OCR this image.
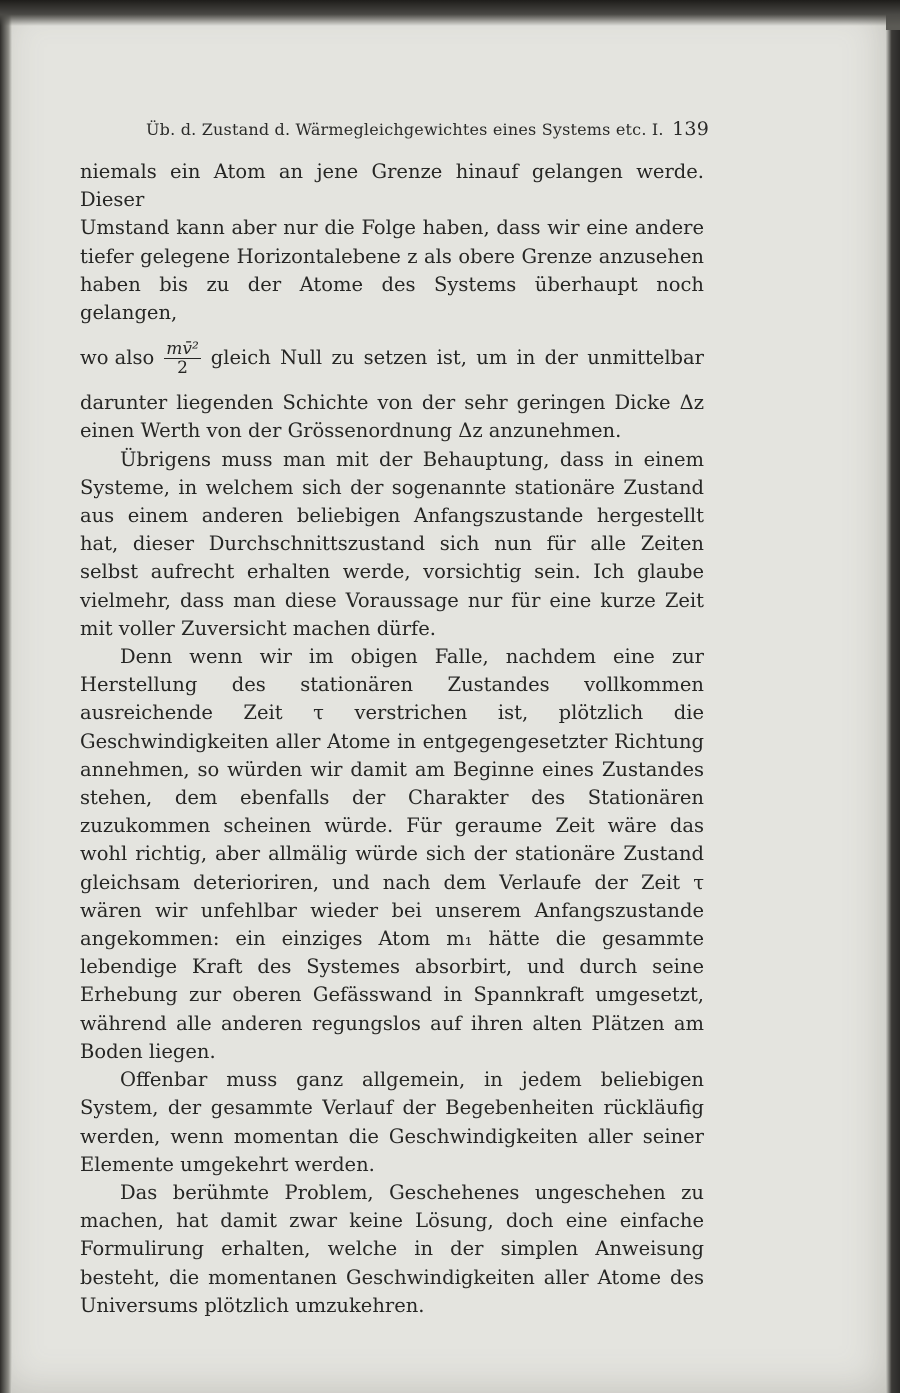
Üb. d. Zustand d. Wärmegleichgewichtes eines Systems etc. I. 139

niemals ein Atom an jene Grenze hinauf gelangen werde. Dieser
Umstand kann aber nur die Folge haben, dass wir eine andere
tiefer gelegene Horizontalebene z als obere Grenze anzusehen
haben bis zu der Atome des Systems überhaupt noch gelangen,

wo also $\frac{\text{mv̄²}}{2}$ gleich Null zu setzen ist, um in der unmittelbar

darunter liegenden Schichte von der sehr geringen Dicke Δz einen Werth von der Grössenordnung Δz anzunehmen.

Übrigens muss man mit der Behauptung, dass in einem Systeme, in welchem sich der sogenannte stationäre Zustand aus einem anderen beliebigen Anfangszustande hergestellt hat, dieser Durchschnittszustand sich nun für alle Zeiten selbst aufrecht erhalten werde, vorsichtig sein. Ich glaube vielmehr, dass man diese Voraussage nur für eine kurze Zeit mit voller Zuversicht machen dürfe.

Denn wenn wir im obigen Falle, nachdem eine zur Herstellung des stationären Zustandes vollkommen ausreichende Zeit τ verstrichen ist, plötzlich die Geschwindigkeiten aller Atome in entgegengesetzter Richtung annehmen, so würden wir damit am Beginne eines Zustandes stehen, dem ebenfalls der Charakter des Stationären zuzukommen scheinen würde. Für geraume Zeit wäre das wohl richtig, aber allmälig würde sich der stationäre Zustand gleichsam deterioriren, und nach dem Verlaufe der Zeit τ wären wir unfehlbar wieder bei unserem Anfangszustande angekommen: ein einziges Atom m₁ hätte die gesammte lebendige Kraft des Systemes absorbirt, und durch seine Erhebung zur oberen Gefässwand in Spannkraft umgesetzt, während alle anderen regungslos auf ihren alten Plätzen am Boden liegen.

Offenbar muss ganz allgemein, in jedem beliebigen System, der gesammte Verlauf der Begebenheiten rückläufig werden, wenn momentan die Geschwindigkeiten aller seiner Elemente umgekehrt werden.

Das berühmte Problem, Geschehenes ungeschehen zu machen, hat damit zwar keine Lösung, doch eine einfache Formulirung erhalten, welche in der simplen Anweisung besteht, die momentanen Geschwindigkeiten aller Atome des Universums plötzlich umzukehren.
